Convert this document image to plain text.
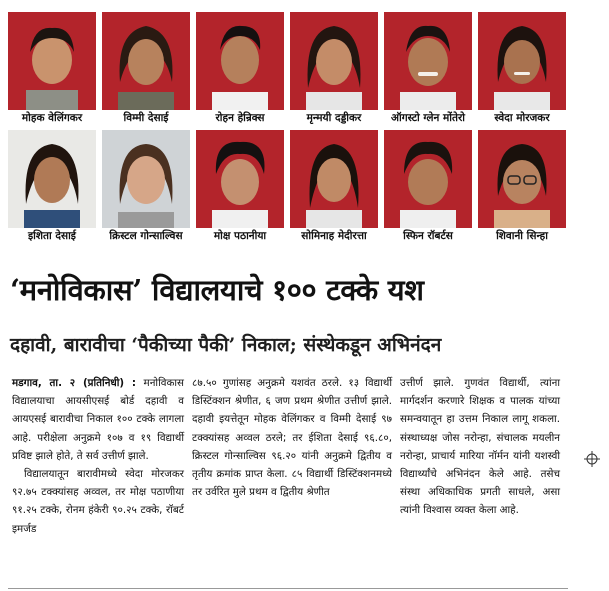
मोहक वेलिंगकर	विम्मी देसाई	रोहन हेन्रिक्स	मृन्मयी दड्डीकर	ऑगस्टो ग्लेन मोंतेरो	स्वेदा मोरजकर
इशिता देसाई	क्रिस्टल गोन्साल्विस	मोक्ष पठानीया	सोमिनाह मेदीरत्ता	स्फिन रॉबर्टस	शिवानी सिन्हा
‘मनोविकास’ विद्यालयाचे १०० टक्के यश
दहावी, बारावीचा ‘पैकीच्या पैकी’ निकाल; संस्थेकडून अभिनंदन

मडगाव, ता. २ (प्रतिनिधी) : मनोविकास विद्यालयाचा आयसीएसई बोर्ड दहावी व आयएसई बारावीचा निकाल १०० टक्के लागला आहे. परीक्षेला अनुक्रमे १०७ व १९ विद्यार्थी प्रविष्ट झाले होते, ते सर्व उत्तीर्ण झाले.

विद्यालयातून बारावीमध्ये स्वेदा मोरजकर ९२.७५ टक्क्यांसह अव्वल, तर मोक्ष पठाणीया ९१.२५ टक्के, रोनम हंकेरी ९०.२५ टक्के, रॉबर्ट इमर्जड

८७.५० गुणांसह अनुक्रमे यशवंत ठरले. १३ विद्यार्थी डिस्टिंक्शन श्रेणीत, ६ जण प्रथम श्रेणीत उत्तीर्ण झाले. दहावी इयत्तेतून मोहक वेलिंगकर व विम्मी देसाई ९७ टक्क्यांसह अव्वल ठरले; तर ईशिता देसाई ९६.८०, क्रिस्टल गोन्साल्विस ९६.२० यांनी अनुक्रमे द्वितीय व तृतीय क्रमांक प्राप्त केला. ८५ विद्यार्थी डिस्टिंक्शनमध्ये तर उर्वरित मुले प्रथम व द्वितीय श्रेणीत

उत्तीर्ण झाले. गुणवंत विद्यार्थी, त्यांना मार्गदर्शन करणारे शिक्षक व पालक यांच्या समन्वयातून हा उत्तम निकाल लागू शकला. संस्थाध्यक्ष जोस नरोन्हा, संचालक मयलीन नरोन्हा, प्राचार्य मारिया नॉर्मन यांनी यशस्वी विद्यार्थ्यांचे अभिनंदन केले आहे. तसेच संस्था अधिकाधिक प्रगती साधले, असा त्यांनी विश्वास व्यक्त केला आहे.
